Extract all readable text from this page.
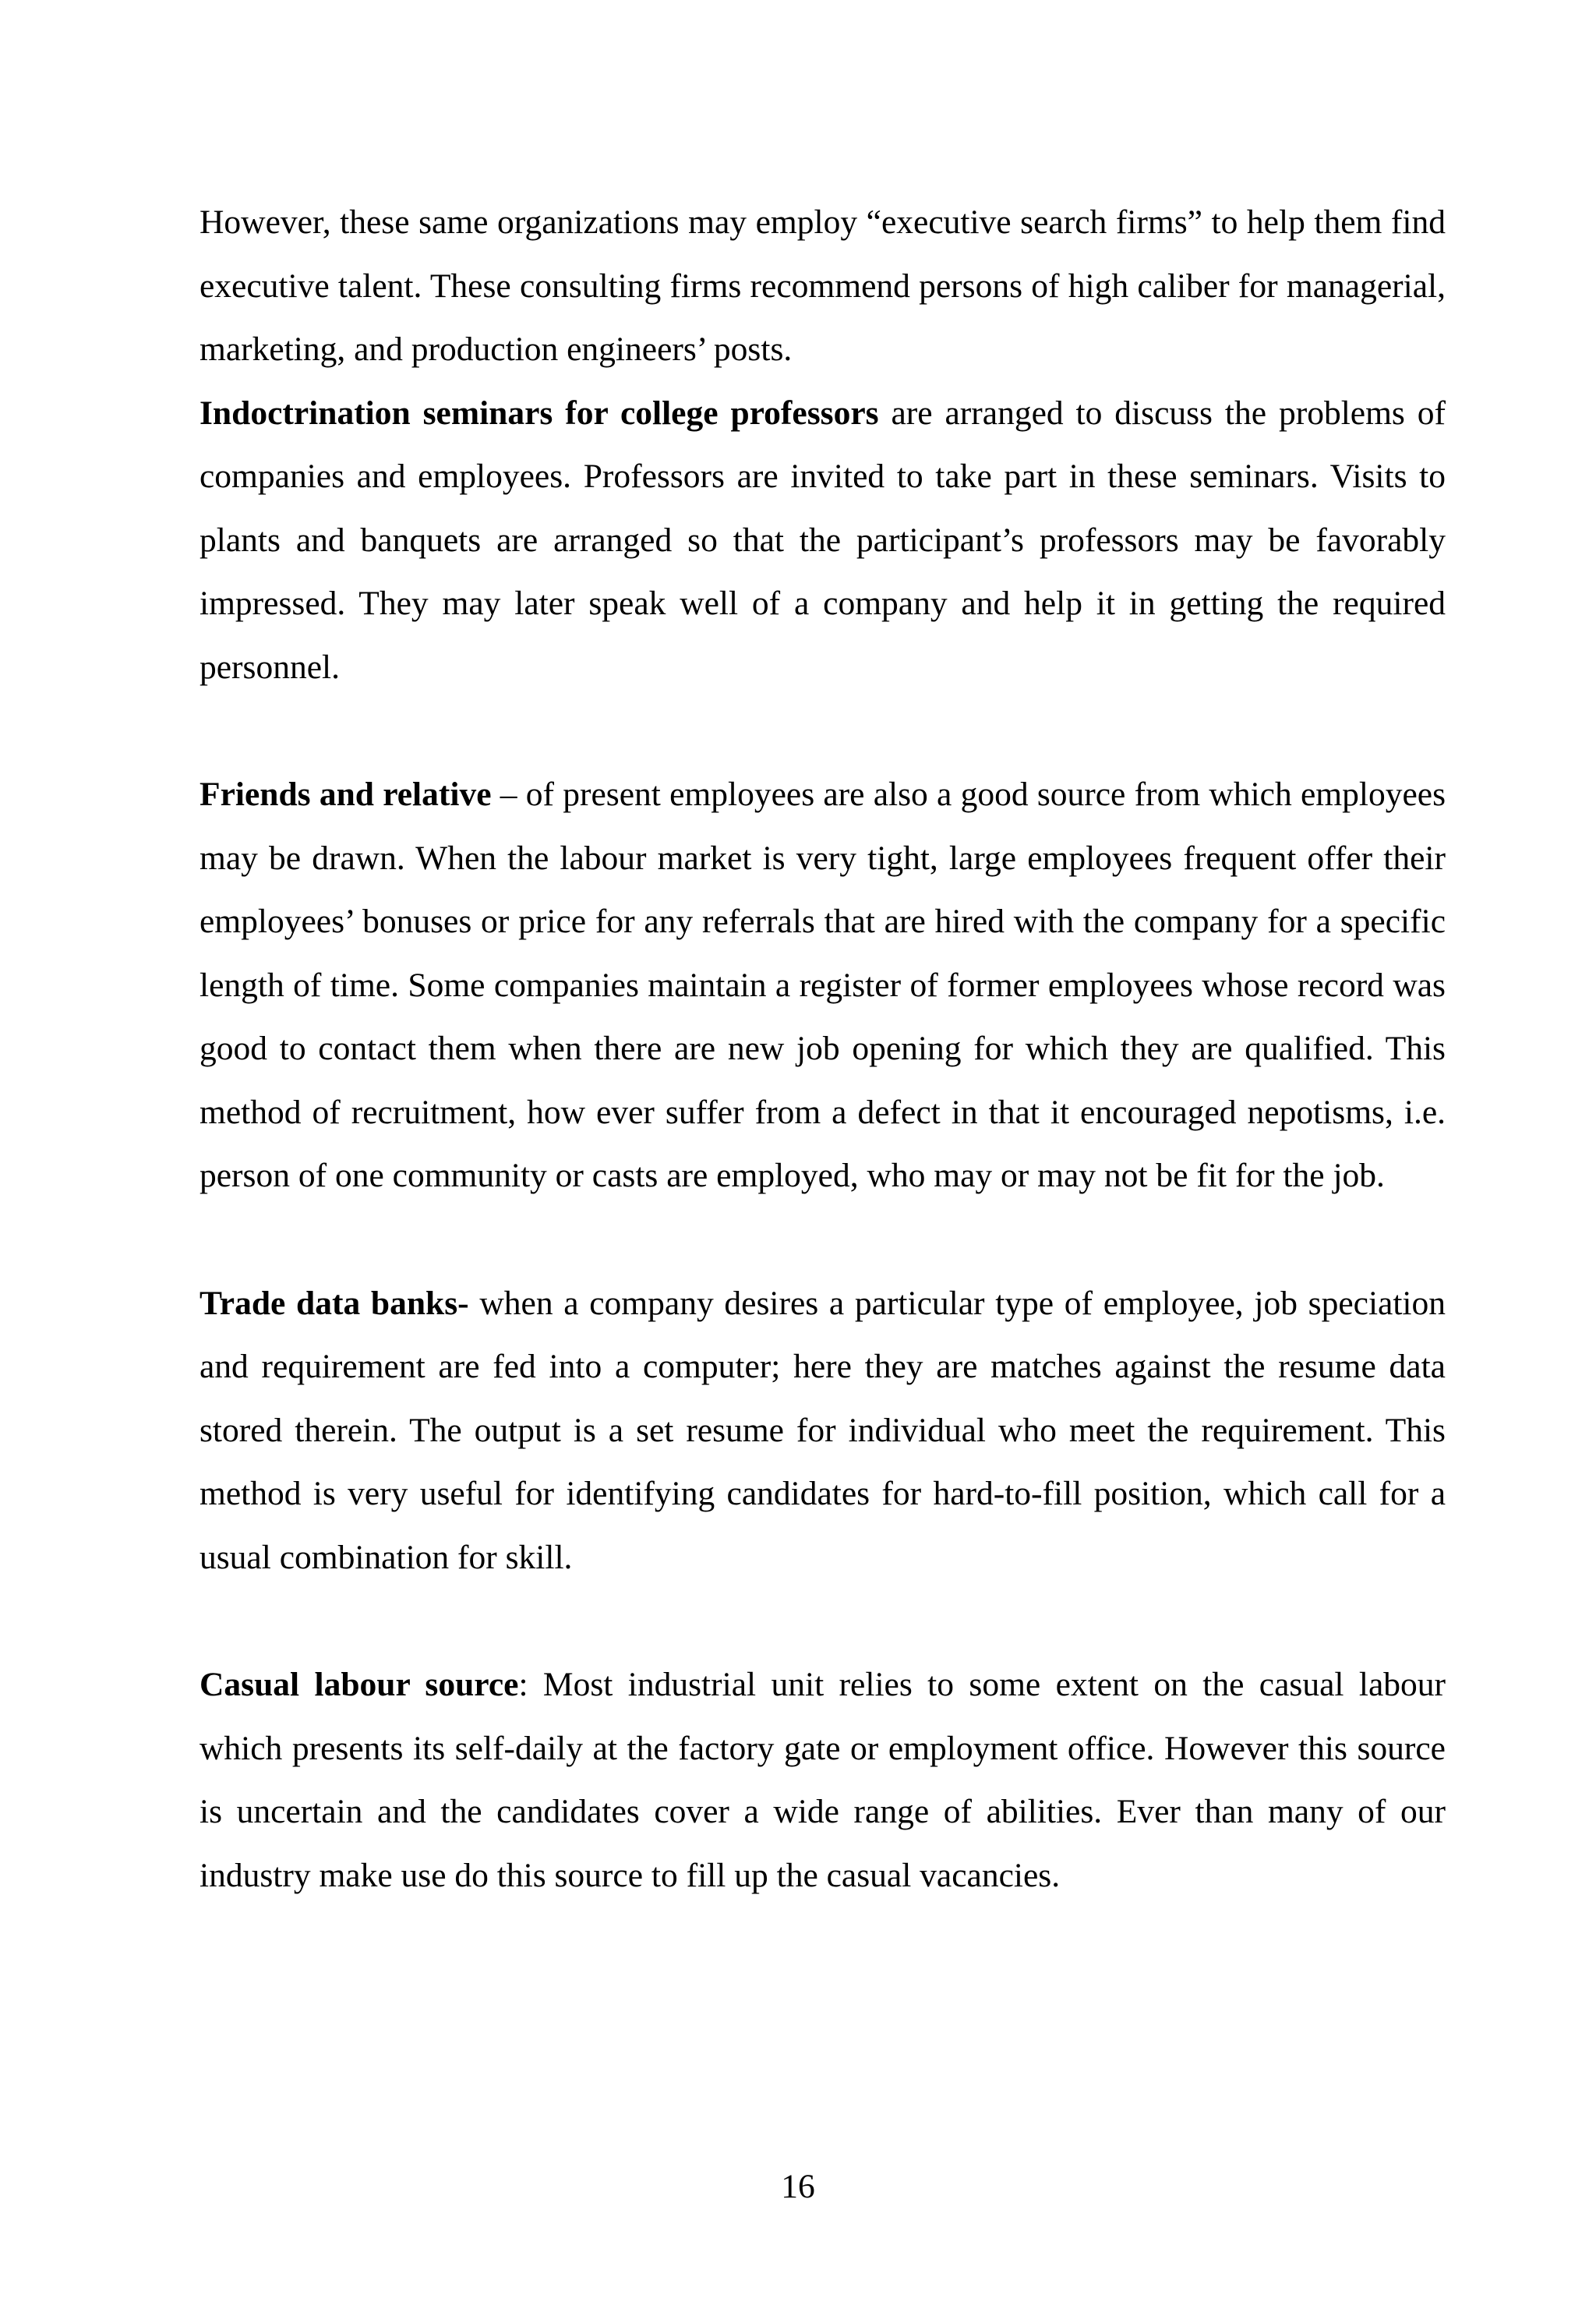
However, these same organizations may employ “executive search firms” to help them find executive talent. These consulting firms recommend persons of high caliber for managerial, marketing, and production engineers’ posts.

Indoctrination seminars for college professors are arranged to discuss the problems of companies and employees. Professors are invited to take part in these seminars. Visits to plants and banquets are arranged so that the participant’s professors may be favorably impressed. They may later speak well of a company and help it in getting the required personnel.

Friends and relative – of present employees are also a good source from which employees may be drawn. When the labour market is very tight, large employees frequent offer their employees’ bonuses or price for any referrals that are hired with the company for a specific length of time. Some companies maintain a register of former employees whose record was good to contact them when there are new job opening for which they are qualified. This method of recruitment, how ever suffer from a defect in that it encouraged nepotisms, i.e. person of one community or casts are employed, who may or may not be fit for the job.

Trade data banks- when a company desires a particular type of employee, job speciation and requirement are fed into a computer; here they are matches against the resume data stored therein. The output is a set resume for individual who meet the requirement. This method is very useful for identifying candidates for hard-to-fill position, which call for a usual combination for skill.

Casual labour source: Most industrial unit relies to some extent on the casual labour which presents its self-daily at the factory gate or employment office. However this source is uncertain and the candidates cover a wide range of abilities. Ever than many of our industry make use do this source to fill up the casual vacancies.

16
